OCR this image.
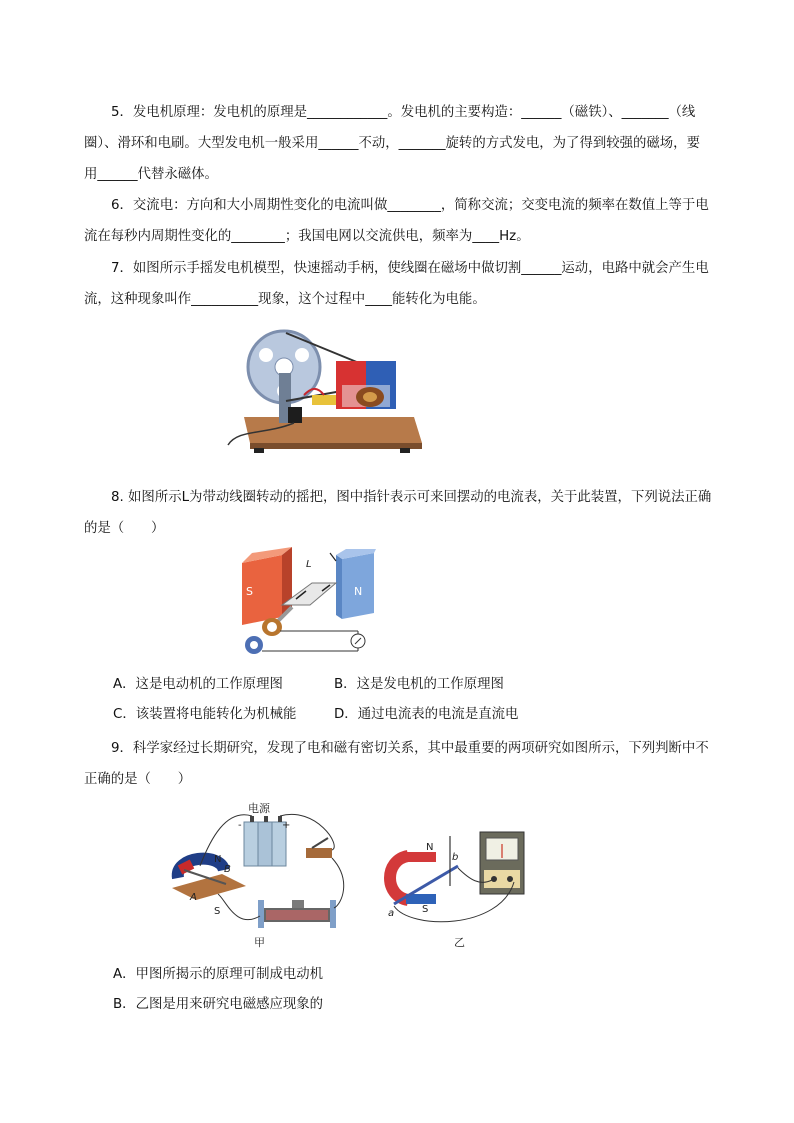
5．发电机原理：发电机的原理是____________。发电机的主要构造：______（磁铁）、_______（线圈）、滑环和电刷。大型发电机一般采用______不动，_______旋转的方式发电，为了得到较强的磁场，要用______代替永磁体。

6．交流电：方向和大小周期性变化的电流叫做________，简称交流；交变电流的频率在数值上等于电流在每秒内周期性变化的________；我国电网以交流供电，频率为____Hz。

7．如图所示手摇发电机模型，快速摇动手柄，使线圈在磁场中做切割______运动，电路中就会产生电流，这种现象叫作__________现象，这个过程中____能转化为电能。

8. 如图所示L为带动线圈转动的摇把，图中指针表示可来回摆动的电流表，关于此装置，下列说法正确的是（　　）

S	N
L
A．这是电动机的工作原理图	B．这是发电机的工作原理图
C．该装置将电能转化为机械能	D．通过电流表的电流是直流电

9．科学家经过长期研究，发现了电和磁有密切关系，其中最重要的两项研究如图所示，下列判断中不正确的是（　　）

电源
-	+
N
B
A
S
甲
N
b
a	S
乙
A．甲图所揭示的原理可制成电动机
B．乙图是用来研究电磁感应现象的
